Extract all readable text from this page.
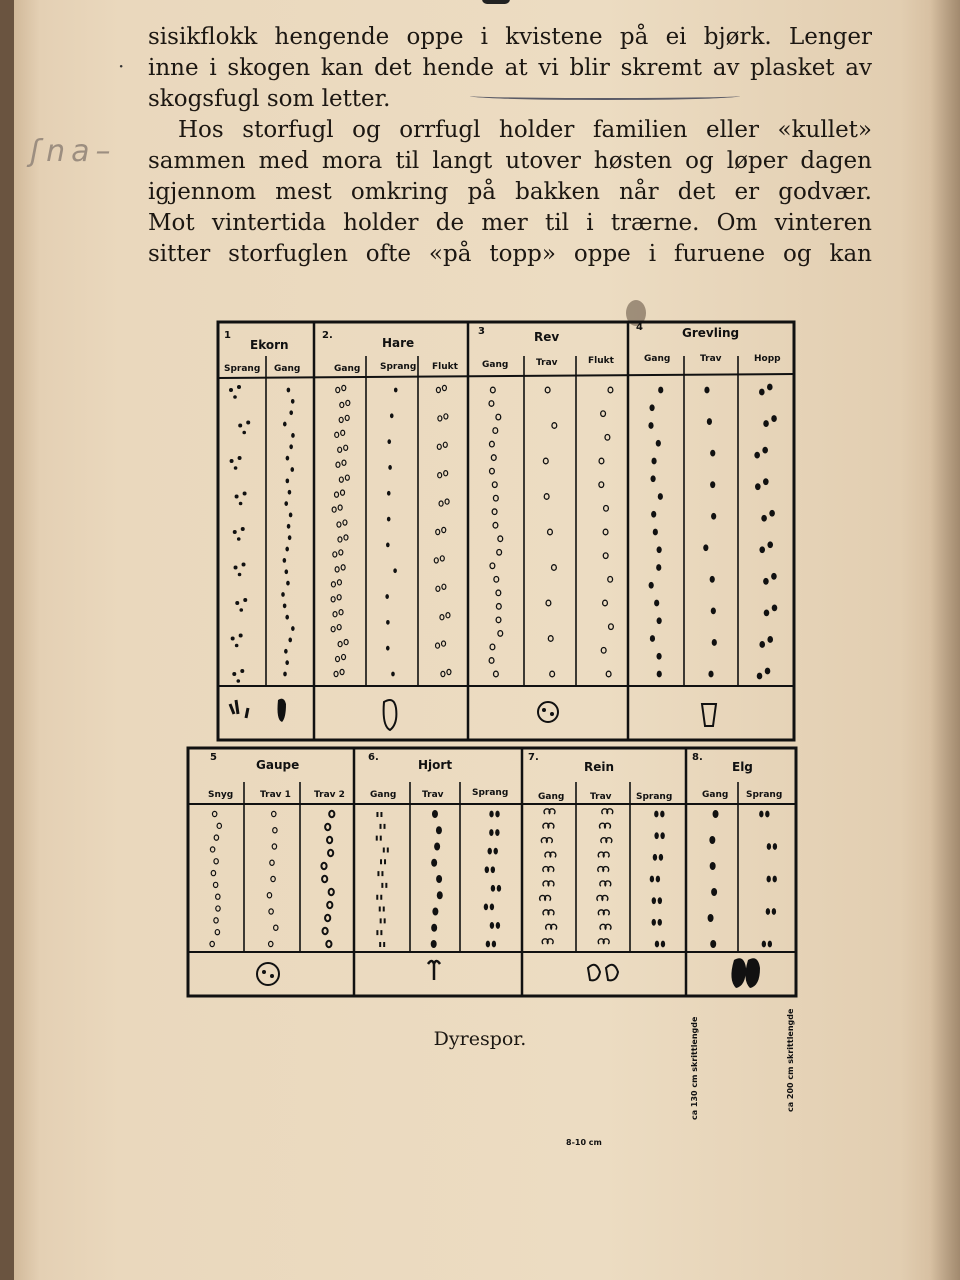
·
ʃna–
sisikflokk hengende oppe i kvistene på ei bjørk. Lenger
inne i skogen kan det hende at vi blir skremt av plasket av
skogsfugl som letter.
Hos storfugl og orrfugl holder familien eller «kullet»
sammen med mora til langt utover høsten og løper dagen
igjennom mest omkring på bakken når det er godvær.
Mot vintertida holder de mer til i trærne. Om vinteren
sitter storfuglen ofte «på topp» oppe i furuene og kan
1
Ekorn
Sprang Gang
2.
Hare
Gang Sprang Flukt
3	Rev
Gang	Trav	Flukt
4	Grevling
Gang	Trav	Hopp
5
Gaupe
Snyg	Trav 1	Trav 2
6.
Hjort
Gang	Trav	Sprang
7.
Rein
Gang	Trav	Sprang
8.
Elg
Gang Sprang
8-10 cm
ca 130 cm skrittlengde	ca 200 cm skrittlengde
Dyrespor.
